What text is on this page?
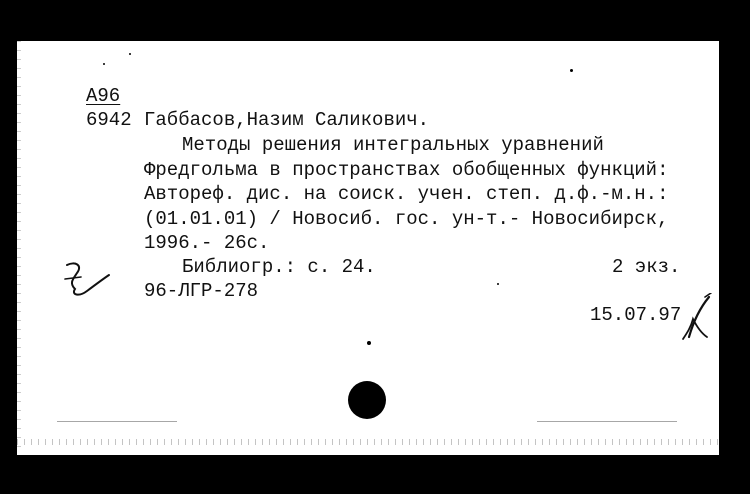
А96

6942 Габбасов,Назим Саликович.

Методы решения интегральных уравнений

Фредгольма в пространствах обобщенных функций:

Автореф. дис. на соиск. учен. степ. д.ф.-м.н.:

(01.01.01) / Новосиб. гос. ун-т.- Новосибирск,

1996.- 26с.

Библиогр.: с. 24.	2 экз.

96-ЛГР-278

15.07.97
